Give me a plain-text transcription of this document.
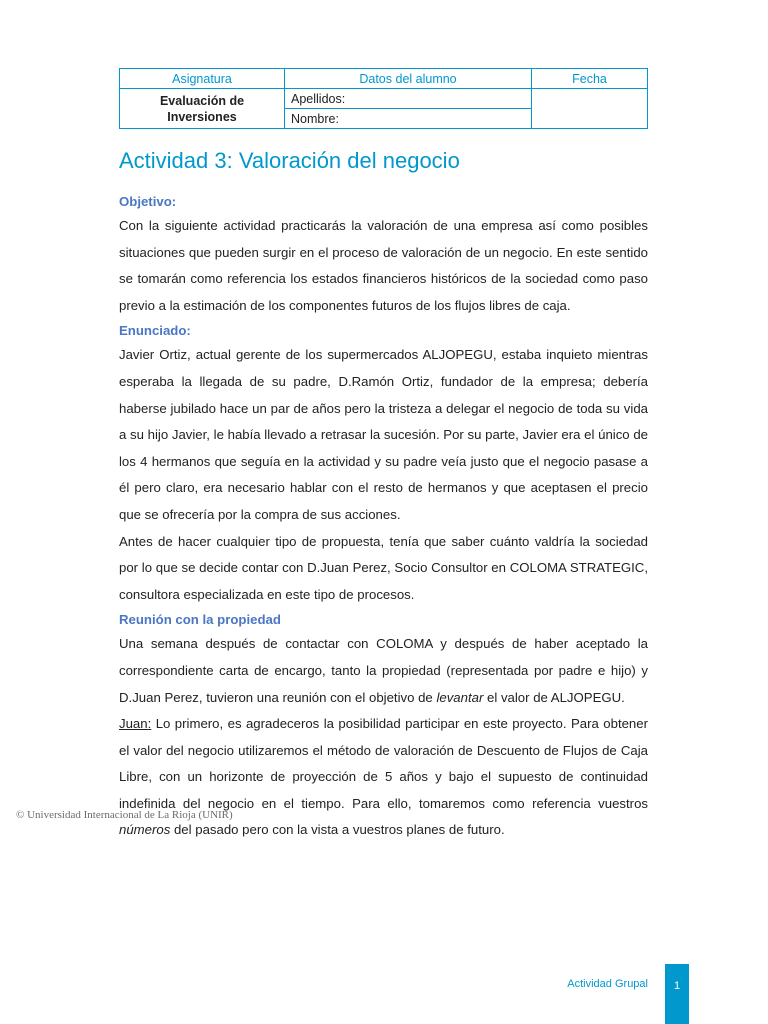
Asignatura	Datos del alumno	Fecha
Evaluación de
Inversiones	Apellidos:	
	Nombre:	
Actividad 3: Valoración del negocio
Objetivo:

Con la siguiente actividad practicarás la valoración de una empresa así como posibles situaciones que pueden surgir en el proceso de valoración de un negocio. En este sentido se tomarán como referencia los estados financieros históricos de la sociedad como paso previo a la estimación de los componentes futuros de los flujos libres de caja.

Enunciado:

Javier Ortiz, actual gerente de los supermercados ALJOPEGU, estaba inquieto mientras esperaba la llegada de su padre, D.Ramón Ortiz, fundador de la empresa; debería haberse jubilado hace un par de años pero la tristeza a delegar el negocio de toda su vida a su hijo Javier, le había llevado a retrasar la sucesión. Por su parte, Javier era el único de los 4 hermanos que seguía en la actividad y su padre veía justo que el negocio pasase a él pero claro, era necesario hablar con el resto de hermanos y que aceptasen el precio que se ofrecería por la compra de sus acciones.

Antes de hacer cualquier tipo de propuesta, tenía que saber cuánto valdría la sociedad por lo que se decide contar con D.Juan Perez, Socio Consultor en COLOMA STRATEGIC, consultora especializada en este tipo de procesos.

Reunión con la propiedad

Una semana después de contactar con COLOMA y después de haber aceptado la correspondiente carta de encargo, tanto la propiedad (representada por padre e hijo) y D.Juan Perez, tuvieron una reunión con el objetivo de levantar el valor de ALJOPEGU.

Juan: Lo primero, es agradeceros la posibilidad participar en este proyecto. Para obtener el valor del negocio utilizaremos el método de valoración de Descuento de Flujos de Caja Libre, con un horizonte de proyección de 5 años y bajo el supuesto de continuidad indefinida del negocio en el tiempo. Para ello, tomaremos como referencia vuestros números del pasado pero con la vista a vuestros planes de futuro.

© Universidad Internacional de La Rioja (UNIR)
Actividad Grupal	1
